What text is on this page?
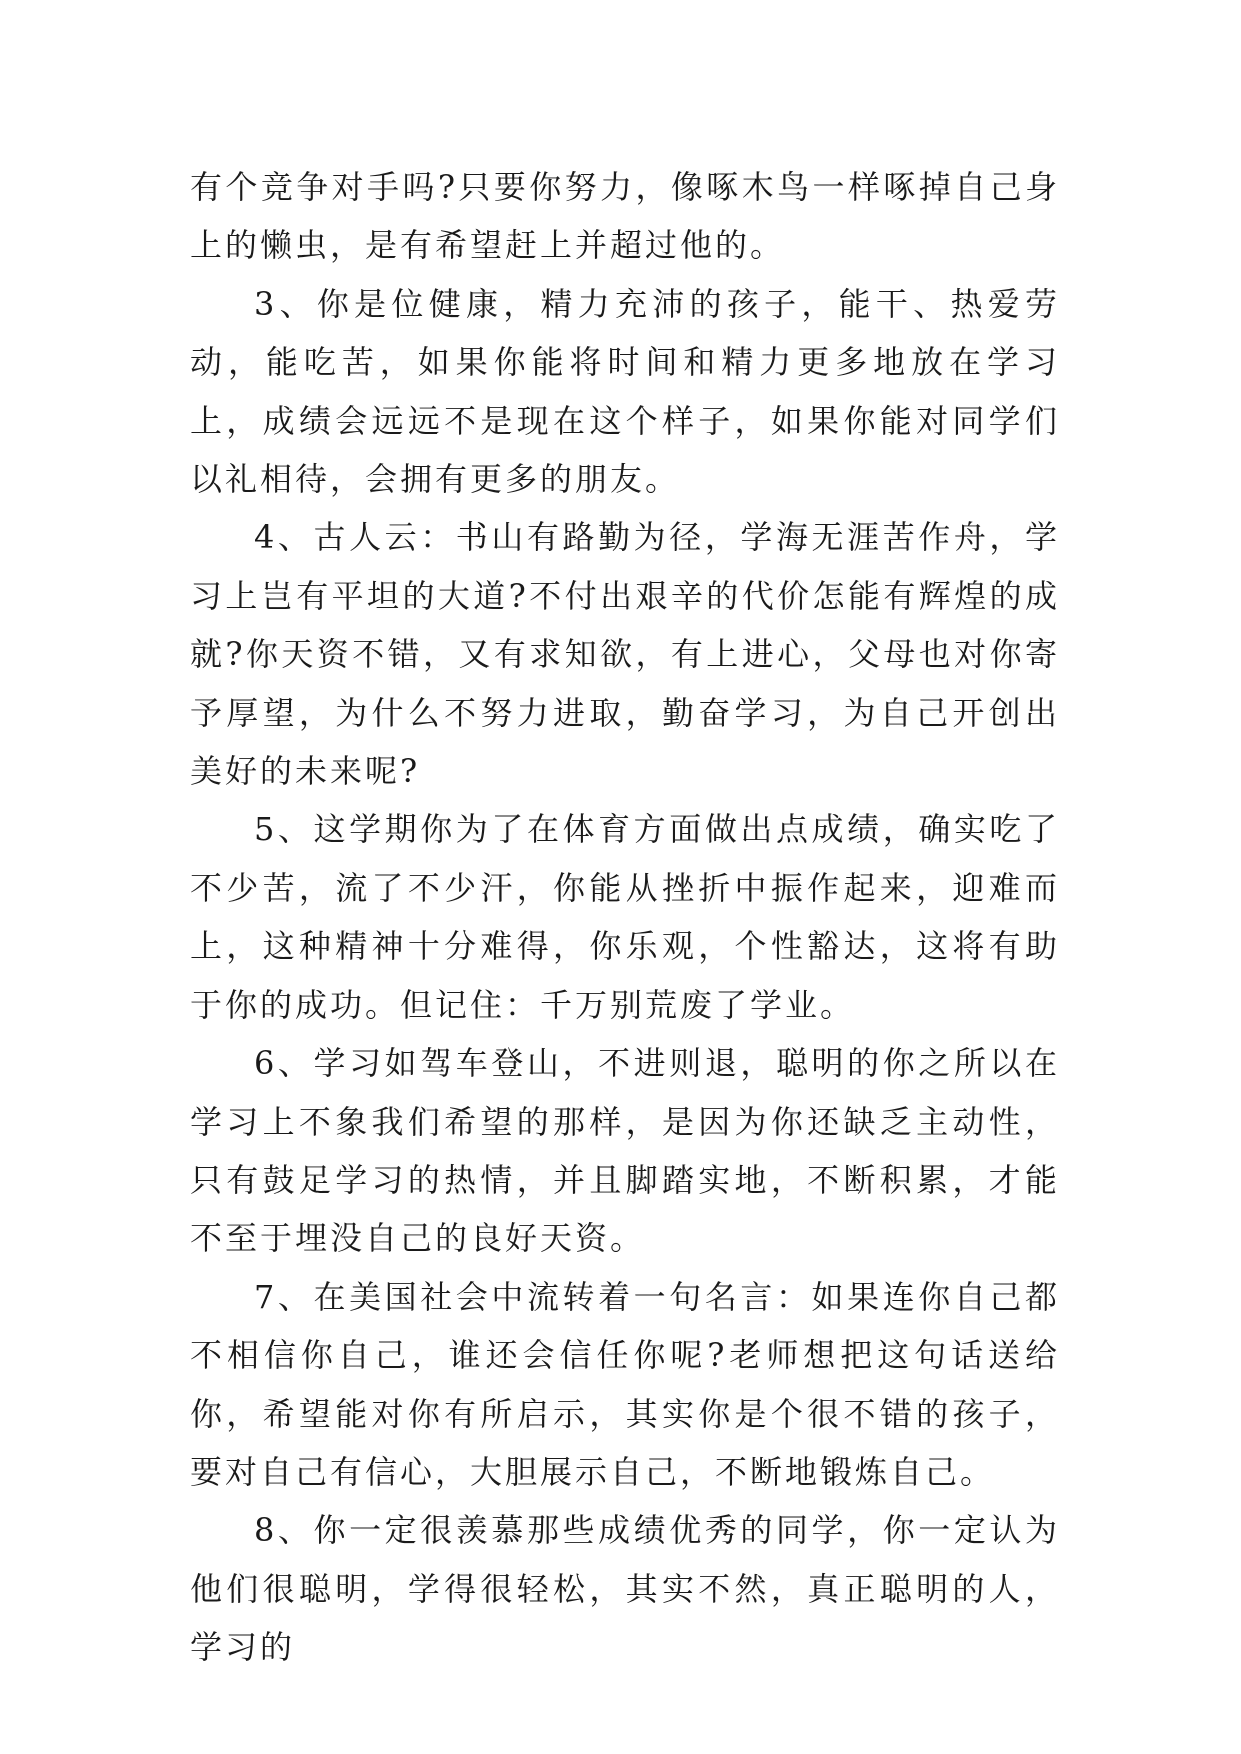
有个竞争对手吗?只要你努力，像啄木鸟一样啄掉自己身上的懒虫，是有希望赶上并超过他的。

3、你是位健康，精力充沛的孩子，能干、热爱劳动，能吃苦，如果你能将时间和精力更多地放在学习上，成绩会远远不是现在这个样子，如果你能对同学们以礼相待，会拥有更多的朋友。

4、古人云：书山有路勤为径，学海无涯苦作舟，学习上岂有平坦的大道?不付出艰辛的代价怎能有辉煌的成就?你天资不错，又有求知欲，有上进心，父母也对你寄予厚望，为什么不努力进取，勤奋学习，为自己开创出美好的未来呢?

5、这学期你为了在体育方面做出点成绩，确实吃了不少苦，流了不少汗，你能从挫折中振作起来，迎难而上，这种精神十分难得，你乐观，个性豁达，这将有助于你的成功。但记住：千万别荒废了学业。

6、学习如驾车登山，不进则退，聪明的你之所以在学习上不象我们希望的那样，是因为你还缺乏主动性，只有鼓足学习的热情，并且脚踏实地，不断积累，才能不至于埋没自己的良好天资。

7、在美国社会中流转着一句名言：如果连你自己都不相信你自己，谁还会信任你呢?老师想把这句话送给你，希望能对你有所启示，其实你是个很不错的孩子，要对自己有信心，大胆展示自己，不断地锻炼自己。

8、你一定很羡慕那些成绩优秀的同学，你一定认为他们很聪明，学得很轻松，其实不然，真正聪明的人，学习的
